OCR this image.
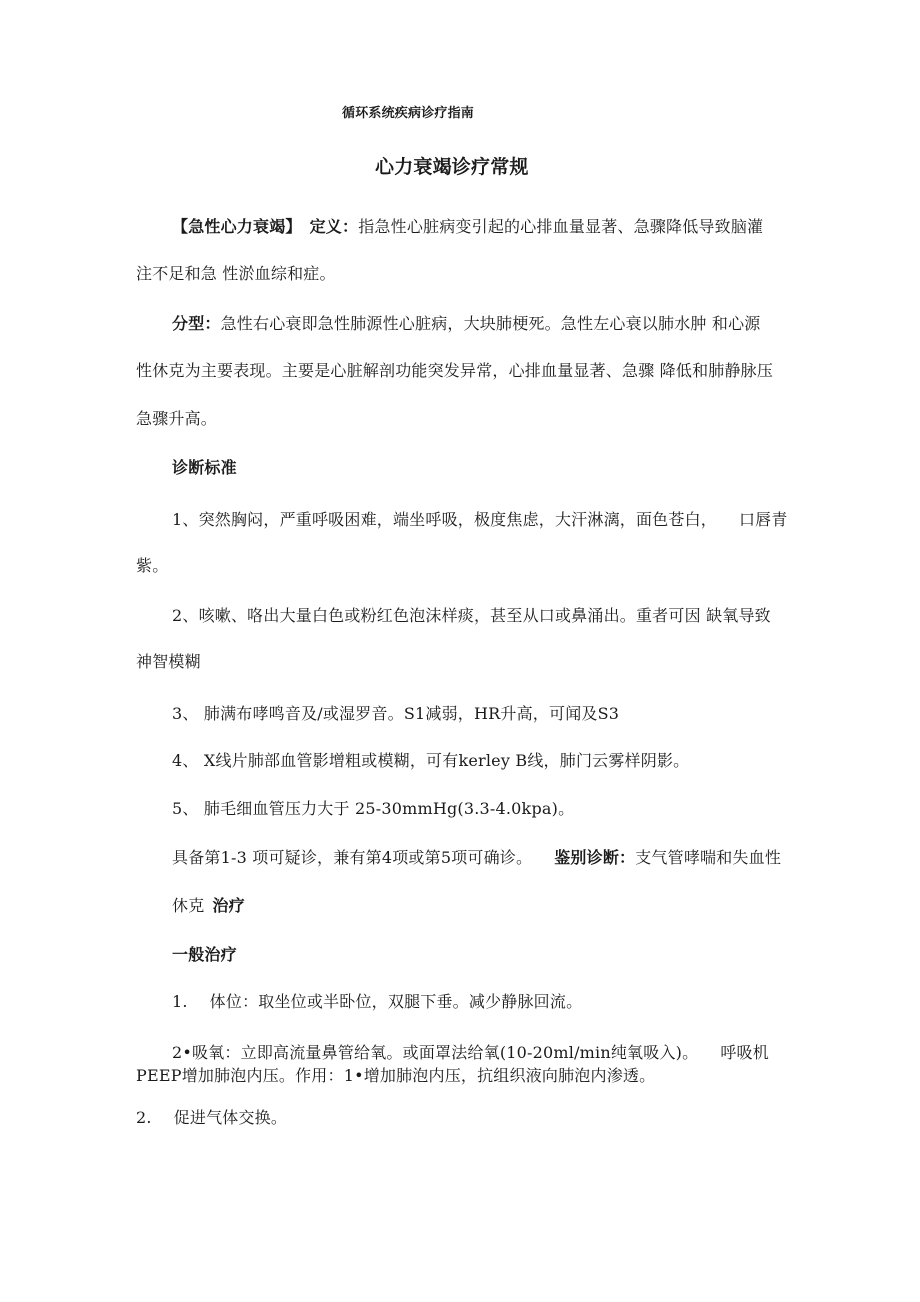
循环系统疾病诊疗指南
心力衰竭诊疗常规
【急性心力衰竭】 定义：指急性心脏病变引起的心排血量显著、急骤降低导致脑灌
注不足和急 性淤血综和症。
分型：急性右心衰即急性肺源性心脏病，大块肺梗死。急性左心衰以肺水肿 和心源
性休克为主要表现。主要是心脏解剖功能突发异常，心排血量显著、急骤 降低和肺静脉压
急骤升高。
诊断标准
1、突然胸闷，严重呼吸困难，端坐呼吸，极度焦虑，大汗淋漓，面色苍白， 口唇青
紫。
2、咳嗽、咯出大量白色或粉红色泡沫样痰，甚至从口或鼻涌出。重者可因 缺氧导致
神智模糊
3、 肺满布哮鸣音及/或湿罗音。S1减弱，HR升高，可闻及S3
4、 X线片肺部血管影增粗或模糊，可有kerley B线，肺门云雾样阴影。
5、 肺毛细血管压力大于 25-30mmHg(3.3-4.0kpa)。
具备第1-3 项可疑诊，兼有第4项或第5项可确诊。 鉴别诊断：支气管哮喘和失血性
休克 治疗
一般治疗
1. 体位：取坐位或半卧位，双腿下垂。减少静脉回流。
2•吸氧：立即高流量鼻管给氧。或面罩法给氧(10-20ml/min纯氧吸入)。 呼吸机
PEEP增加肺泡内压。作用：1•增加肺泡内压，抗组织液向肺泡内渗透。
2. 促进气体交换。
